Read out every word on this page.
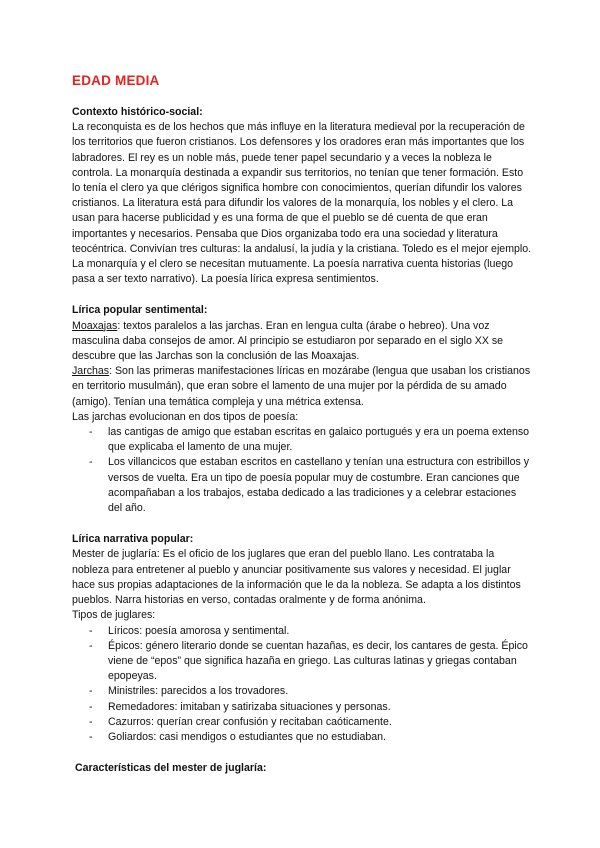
EDAD MEDIA

Contexto histórico-social:

La reconquista es de los hechos que más influye en la literatura medieval por la recuperación de los territorios que fueron cristianos. Los defensores y los oradores eran más importantes que los labradores. El rey es un noble más, puede tener papel secundario y a veces la nobleza le controla. La monarquía destinada a expandir sus territorios, no tenían que tener formación. Esto lo tenía el clero ya que clérigos significa hombre con conocimientos, querían difundir los valores cristianos. La literatura está para difundir los valores de la monarquía, los nobles y el clero. La usan para hacerse publicidad y es una forma de que el pueblo se dé cuenta de que eran importantes y necesarios. Pensaba que Dios organizaba todo era una sociedad y literatura teocéntrica. Convivían tres culturas: la andalusí, la judía y la cristiana. Toledo es el mejor ejemplo. La monarquía y el clero se necesitan mutuamente. La poesía narrativa cuenta historias (luego pasa a ser texto narrativo). La poesía lírica expresa sentimientos.

Lírica popular sentimental:

Moaxajas: textos paralelos a las jarchas. Eran en lengua culta (árabe o hebreo). Una voz masculina daba consejos de amor. Al principio se estudiaron por separado en el siglo XX se descubre que las Jarchas son la conclusión de las Moaxajas.

Jarchas: Son las primeras manifestaciones líricas en mozárabe (lengua que usaban los cristianos en territorio musulmán), que eran sobre el lamento de una mujer por la pérdida de su amado (amigo). Tenían una temática compleja y una métrica extensa.

Las jarchas evolucionan en dos tipos de poesía:

- las cantigas de amigo que estaban escritas en galaico portugués y era un poema extenso que explicaba el lamento de una mujer.
- Los villancicos que estaban escritos en castellano y tenían una estructura con estribillos y versos de vuelta. Era un tipo de poesía popular muy de costumbre. Eran canciones que acompañaban a los trabajos, estaba dedicado a las tradiciones y a celebrar estaciones del año.

Lírica narrativa popular:

Mester de juglaría: Es el oficio de los juglares que eran del pueblo llano. Les contrataba la nobleza para entretener al pueblo y anunciar positivamente sus valores y necesidad. El juglar hace sus propias adaptaciones de la información que le da la nobleza. Se adapta a los distintos pueblos. Narra historias en verso, contadas oralmente y de forma anónima.

Tipos de juglares:

- Líricos: poesía amorosa y sentimental.
- Épicos: género literario donde se cuentan hazañas, es decir, los cantares de gesta. Épico viene de “epos” que significa hazaña en griego. Las culturas latinas y griegas contaban epopeyas.
- Ministriles: parecidos a los trovadores.
- Remedadores: imitaban y satirizaba situaciones y personas.
- Cazurros: querían crear confusión y recitaban caóticamente.
- Goliardos: casi mendigos o estudiantes que no estudiaban.

Características del mester de juglaría:
